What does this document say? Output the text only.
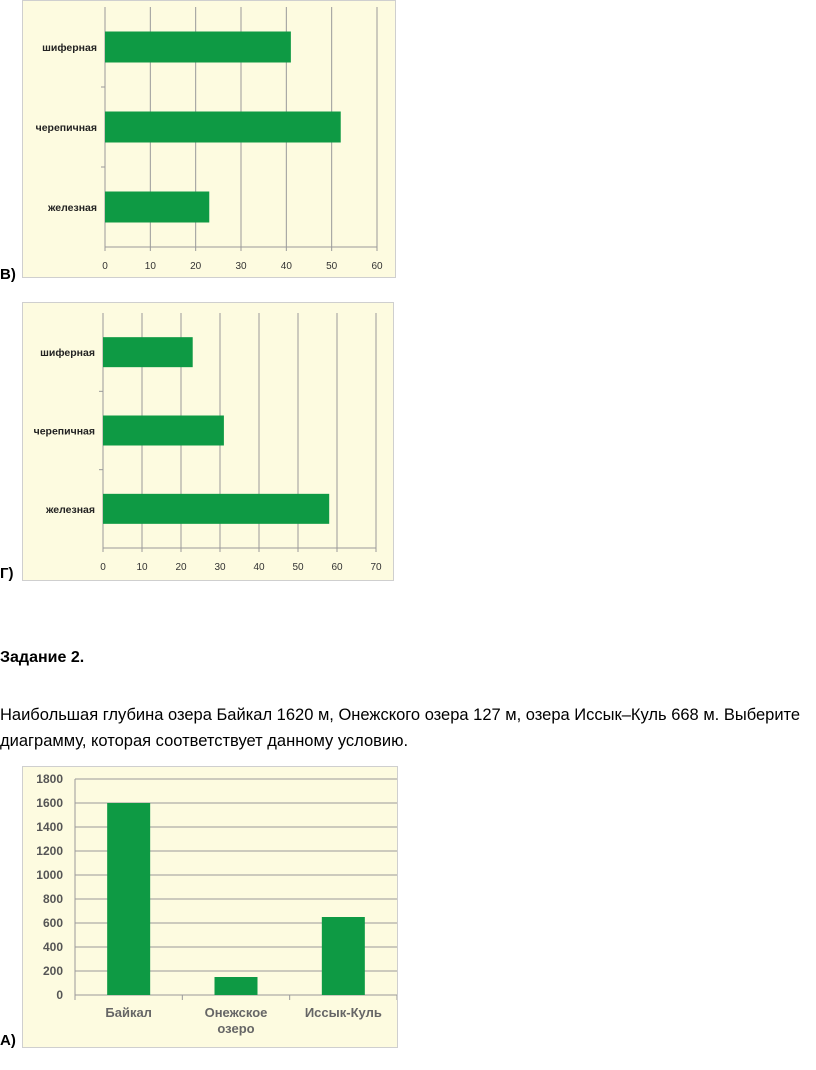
0	10	20	30	40	50	60
шиферная
черепичная
железная
В)
0	10	20	30	40	50	60	70
шиферная
черепичная
железная
Г)
Задание 2.
Наибольшая глубина озера Байкал 1620 м, Онежского озера 127 м, озера Иссык–Куль 668 м. Выберите
диаграмму, которая соответствует данному условию.
0
200
400
600
800
1000
1200
1400
1600
1800
Байкал	Онежское озеро
Иссык-Куль
А)
